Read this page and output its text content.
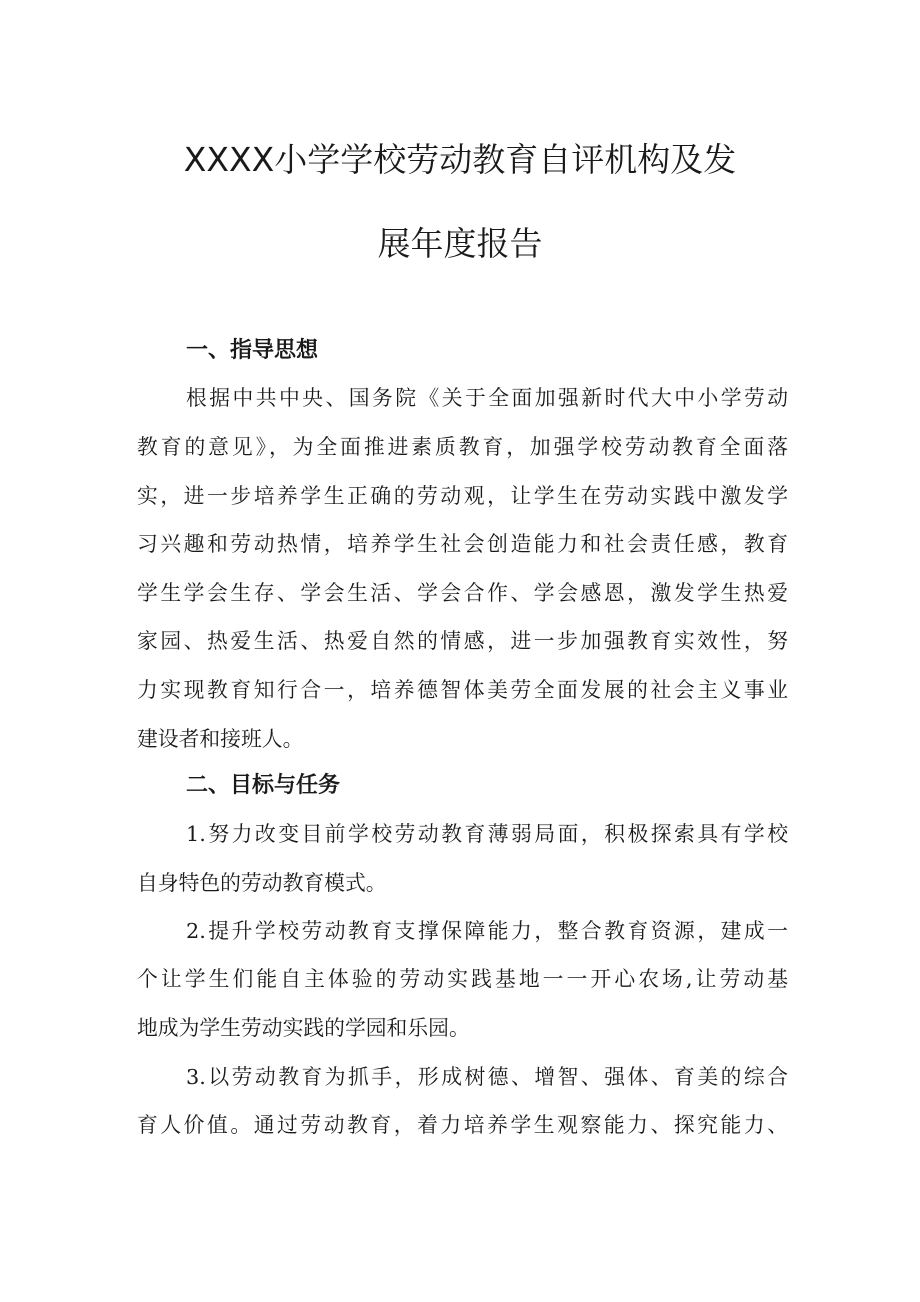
XXXX小学学校劳动教育自评机构及发
展年度报告
一、指导思想

根据中共中央、国务院《关于全面加强新时代大中小学劳动

教育的意见》，为全面推进素质教育，加强学校劳动教育全面落

实，进一步培养学生正确的劳动观，让学生在劳动实践中激发学

习兴趣和劳动热情，培养学生社会创造能力和社会责任感，教育

学生学会生存、学会生活、学会合作、学会感恩，激发学生热爱

家园、热爱生活、热爱自然的情感，进一步加强教育实效性，努

力实现教育知行合一，培养德智体美劳全面发展的社会主义事业

建设者和接班人。

二、目标与任务

1.努力改变目前学校劳动教育薄弱局面，积极探索具有学校

自身特色的劳动教育模式。

2.提升学校劳动教育支撑保障能力，整合教育资源，建成一

个让学生们能自主体验的劳动实践基地一一开心农场,让劳动基

地成为学生劳动实践的学园和乐园。

3.以劳动教育为抓手，形成树德、增智、强体、育美的综合

育人价值。通过劳动教育，着力培养学生观察能力、探究能力、
